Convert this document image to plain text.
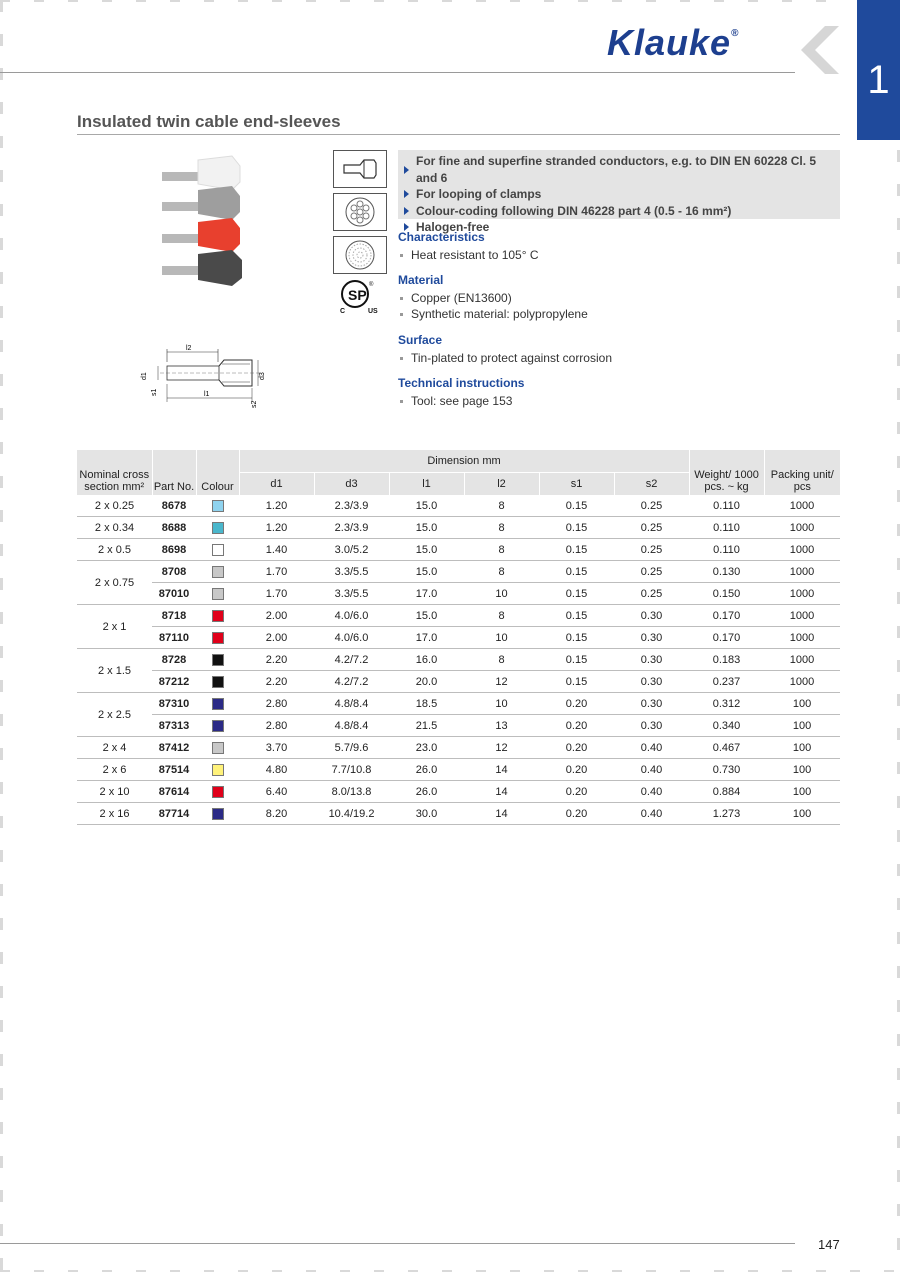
Klauke®
1
Insulated twin cable end-sleeves
SP
C	US
®
l2
l1
d1
s1
d3
s2
For fine and superfine stranded conductors, e.g. to DIN EN 60228 Cl. 5 and 6
For looping of clamps
Colour-coding following DIN 46228 part 4 (0.5 - 16 mm²)
Halogen-free
Characteristics
Heat resistant to 105° C
Material
Copper (EN13600)
Synthetic material: polypropylene
Surface
Tin-plated to protect against corrosion
Technical instructions
Tool: see page 153
Nominal cross section mm²	Part No.	Colour	Dimension mm						Weight/ 1000 pcs. ~ kg	Packing unit/ pcs
			d1	d3	l1	l2	s1	s2		
2 x 0.25	8678		1.20	2.3/3.9	15.0	8	0.15	0.25	0.110	1000
2 x 0.34	8688		1.20	2.3/3.9	15.0	8	0.15	0.25	0.110	1000
2 x 0.5	8698		1.40	3.0/5.2	15.0	8	0.15	0.25	0.110	1000
2 x 0.75	8708		1.70	3.3/5.5	15.0	8	0.15	0.25	0.130	1000
	87010		1.70	3.3/5.5	17.0	10	0.15	0.25	0.150	1000
2 x 1	8718		2.00	4.0/6.0	15.0	8	0.15	0.30	0.170	1000
	87110		2.00	4.0/6.0	17.0	10	0.15	0.30	0.170	1000
2 x 1.5	8728		2.20	4.2/7.2	16.0	8	0.15	0.30	0.183	1000
	87212		2.20	4.2/7.2	20.0	12	0.15	0.30	0.237	1000
2 x 2.5	87310		2.80	4.8/8.4	18.5	10	0.20	0.30	0.312	100
	87313		2.80	4.8/8.4	21.5	13	0.20	0.30	0.340	100
2 x 4	87412		3.70	5.7/9.6	23.0	12	0.20	0.40	0.467	100
2 x 6	87514		4.80	7.7/10.8	26.0	14	0.20	0.40	0.730	100
2 x 10	87614		6.40	8.0/13.8	26.0	14	0.20	0.40	0.884	100
2 x 16	87714		8.20	10.4/19.2	30.0	14	0.20	0.40	1.273	100
147
